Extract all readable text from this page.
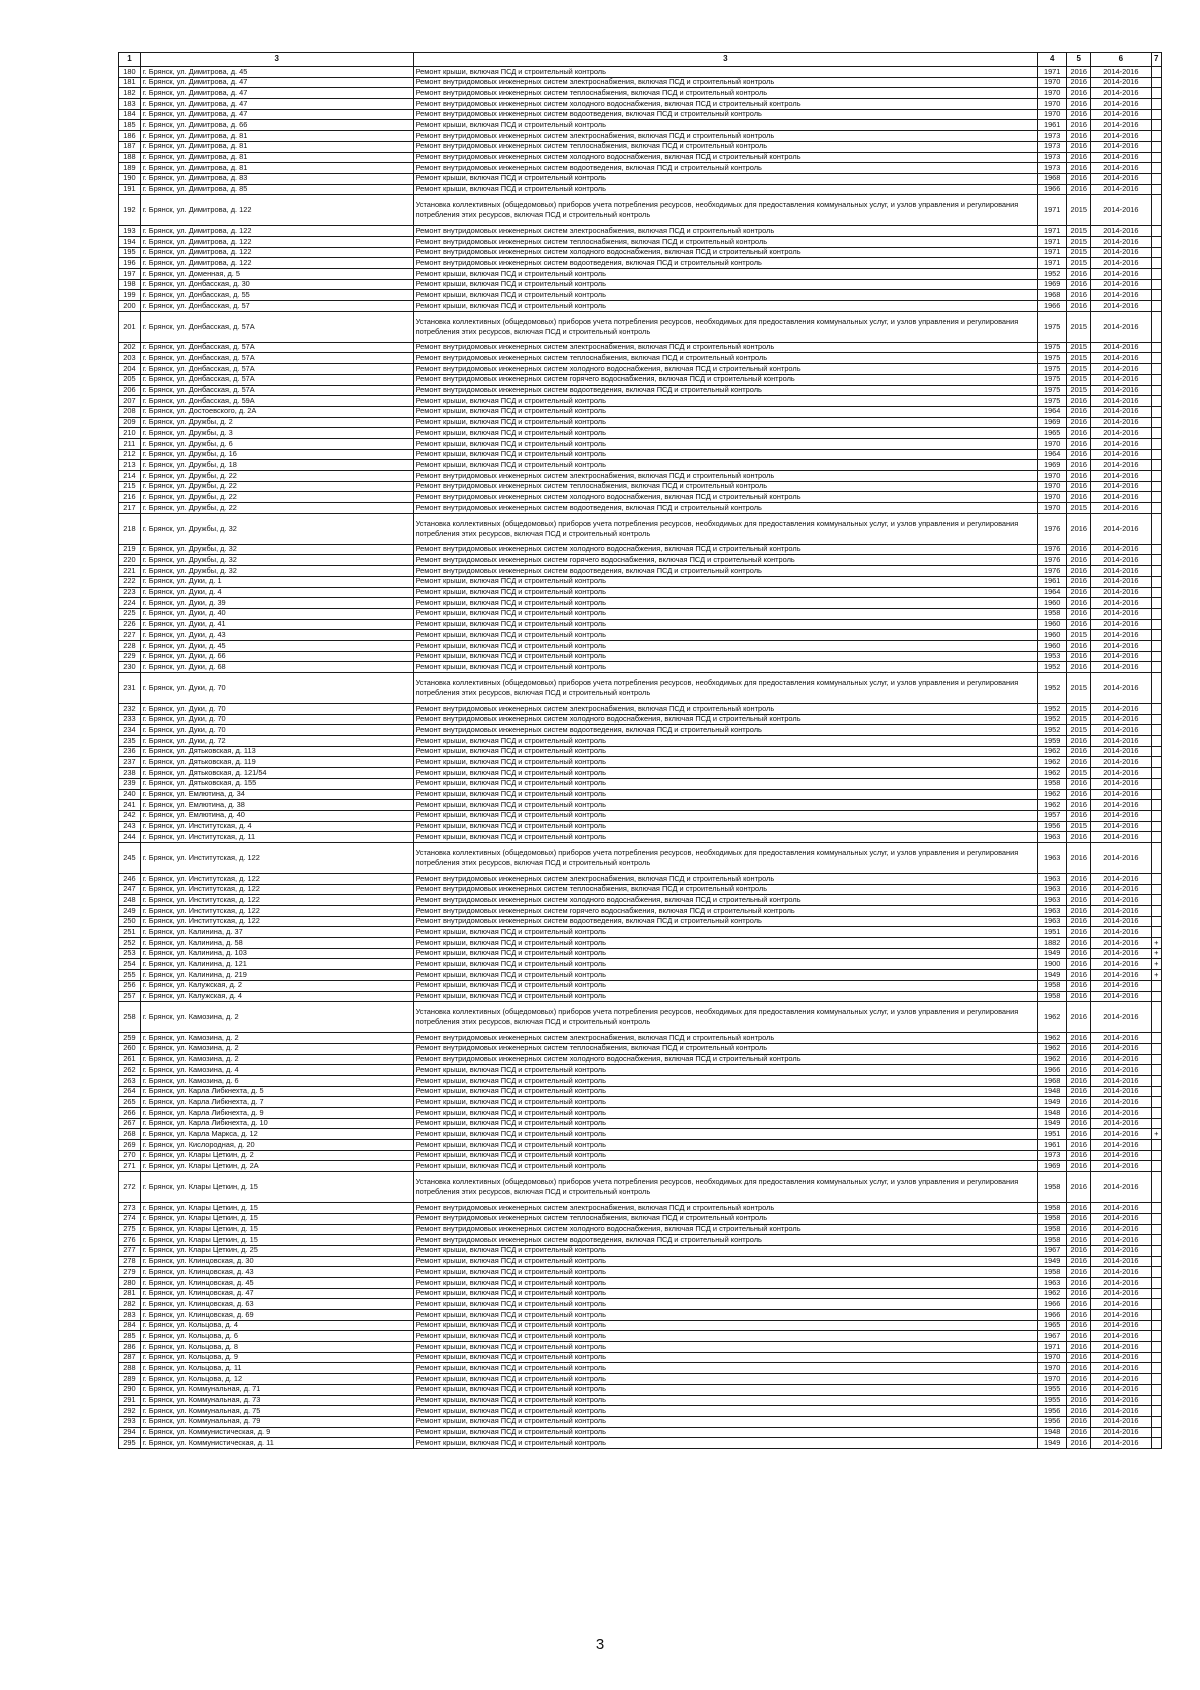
1	3	3	4	5	6	7
180	г. Брянск, ул. Димитрова, д. 45	Ремонт крыши, включая ПСД и строительный контроль	1971	2016	2014-2016	
181	г. Брянск, ул. Димитрова, д. 47	Ремонт внутридомовых инженерных систем электроснабжения, включая ПСД и строительный контроль	1970	2016	2014-2016	
182	г. Брянск, ул. Димитрова, д. 47	Ремонт внутридомовых инженерных систем теплоснабжения, включая ПСД и строительный контроль	1970	2016	2014-2016	
183	г. Брянск, ул. Димитрова, д. 47	Ремонт внутридомовых инженерных систем холодного водоснабжения, включая ПСД и строительный контроль	1970	2016	2014-2016	
184	г. Брянск, ул. Димитрова, д. 47	Ремонт внутридомовых инженерных систем водоотведения, включая ПСД и строительный контроль	1970	2016	2014-2016	
185	г. Брянск, ул. Димитрова, д. 66	Ремонт крыши, включая ПСД и строительный контроль	1961	2016	2014-2016	
186	г. Брянск, ул. Димитрова, д. 81	Ремонт внутридомовых инженерных систем электроснабжения, включая ПСД и строительный контроль	1973	2016	2014-2016	
187	г. Брянск, ул. Димитрова, д. 81	Ремонт внутридомовых инженерных систем теплоснабжения, включая ПСД и строительный контроль	1973	2016	2014-2016	
188	г. Брянск, ул. Димитрова, д. 81	Ремонт внутридомовых инженерных систем холодного водоснабжения, включая ПСД и строительный контроль	1973	2016	2014-2016	
189	г. Брянск, ул. Димитрова, д. 81	Ремонт внутридомовых инженерных систем водоотведения, включая ПСД и строительный контроль	1973	2016	2014-2016	
190	г. Брянск, ул. Димитрова, д. 83	Ремонт крыши, включая ПСД и строительный контроль	1968	2016	2014-2016	
191	г. Брянск, ул. Димитрова, д. 85	Ремонт крыши, включая ПСД и строительный контроль	1966	2016	2014-2016	
192	г. Брянск, ул. Димитрова, д. 122	Установка коллективных (общедомовых) приборов учета потребления ресурсов, необходимых для предоставления коммунальных услуг, и узлов управления и регулирования потребления этих ресурсов, включая ПСД и строительный контроль	1971	2015	2014-2016	
193	г. Брянск, ул. Димитрова, д. 122	Ремонт внутридомовых инженерных систем электроснабжения, включая ПСД и строительный контроль	1971	2015	2014-2016	
194	г. Брянск, ул. Димитрова, д. 122	Ремонт внутридомовых инженерных систем теплоснабжения, включая ПСД и строительный контроль	1971	2015	2014-2016	
195	г. Брянск, ул. Димитрова, д. 122	Ремонт внутридомовых инженерных систем холодного водоснабжения, включая ПСД и строительный контроль	1971	2015	2014-2016	
196	г. Брянск, ул. Димитрова, д. 122	Ремонт внутридомовых инженерных систем водоотведения, включая ПСД и строительный контроль	1971	2015	2014-2016	
197	г. Брянск, ул. Доменная, д. 5	Ремонт крыши, включая ПСД и строительный контроль	1952	2016	2014-2016	
198	г. Брянск, ул. Донбасская, д. 30	Ремонт крыши, включая ПСД и строительный контроль	1969	2016	2014-2016	
199	г. Брянск, ул. Донбасская, д. 55	Ремонт крыши, включая ПСД и строительный контроль	1968	2016	2014-2016	
200	г. Брянск, ул. Донбасская, д. 57	Ремонт крыши, включая ПСД и строительный контроль	1966	2016	2014-2016	
201	г. Брянск, ул. Донбасская, д. 57А	Установка коллективных (общедомовых) приборов учета потребления ресурсов, необходимых для предоставления коммунальных услуг, и узлов управления и регулирования потребления этих ресурсов, включая ПСД и строительный контроль	1975	2015	2014-2016	
202	г. Брянск, ул. Донбасская, д. 57А	Ремонт внутридомовых инженерных систем электроснабжения, включая ПСД и строительный контроль	1975	2015	2014-2016	
203	г. Брянск, ул. Донбасская, д. 57А	Ремонт внутридомовых инженерных систем теплоснабжения, включая ПСД и строительный контроль	1975	2015	2014-2016	
204	г. Брянск, ул. Донбасская, д. 57А	Ремонт внутридомовых инженерных систем холодного водоснабжения, включая ПСД и строительный контроль	1975	2015	2014-2016	
205	г. Брянск, ул. Донбасская, д. 57А	Ремонт внутридомовых инженерных систем горячего водоснабжения, включая ПСД и строительный контроль	1975	2015	2014-2016	
206	г. Брянск, ул. Донбасская, д. 57А	Ремонт внутридомовых инженерных систем водоотведения, включая ПСД и строительный контроль	1975	2015	2014-2016	
207	г. Брянск, ул. Донбасская, д. 59А	Ремонт крыши, включая ПСД и строительный контроль	1975	2016	2014-2016	
208	г. Брянск, ул. Достоевского, д. 2А	Ремонт крыши, включая ПСД и строительный контроль	1964	2016	2014-2016	
209	г. Брянск, ул. Дружбы, д. 2	Ремонт крыши, включая ПСД и строительный контроль	1969	2016	2014-2016	
210	г. Брянск, ул. Дружбы, д. 3	Ремонт крыши, включая ПСД и строительный контроль	1965	2016	2014-2016	
211	г. Брянск, ул. Дружбы, д. 6	Ремонт крыши, включая ПСД и строительный контроль	1970	2016	2014-2016	
212	г. Брянск, ул. Дружбы, д. 16	Ремонт крыши, включая ПСД и строительный контроль	1964	2016	2014-2016	
213	г. Брянск, ул. Дружбы, д. 18	Ремонт крыши, включая ПСД и строительный контроль	1969	2016	2014-2016	
214	г. Брянск, ул. Дружбы, д. 22	Ремонт внутридомовых инженерных систем электроснабжения, включая ПСД и строительный контроль	1970	2016	2014-2016	
215	г. Брянск, ул. Дружбы, д. 22	Ремонт внутридомовых инженерных систем теплоснабжения, включая ПСД и строительный контроль	1970	2016	2014-2016	
216	г. Брянск, ул. Дружбы, д. 22	Ремонт внутридомовых инженерных систем холодного водоснабжения, включая ПСД и строительный контроль	1970	2016	2014-2016	
217	г. Брянск, ул. Дружбы, д. 22	Ремонт внутридомовых инженерных систем водоотведения, включая ПСД и строительный контроль	1970	2015	2014-2016	
218	г. Брянск, ул. Дружбы, д. 32	Установка коллективных (общедомовых) приборов учета потребления ресурсов, необходимых для предоставления коммунальных услуг, и узлов управления и регулирования потребления этих ресурсов, включая ПСД и строительный контроль	1976	2016	2014-2016	
219	г. Брянск, ул. Дружбы, д. 32	Ремонт внутридомовых инженерных систем холодного водоснабжения, включая ПСД и строительный контроль	1976	2016	2014-2016	
220	г. Брянск, ул. Дружбы, д. 32	Ремонт внутридомовых инженерных систем горячего водоснабжения, включая ПСД и строительный контроль	1976	2016	2014-2016	
221	г. Брянск, ул. Дружбы, д. 32	Ремонт внутридомовых инженерных систем водоотведения, включая ПСД и строительный контроль	1976	2016	2014-2016	
222	г. Брянск, ул. Дуки, д. 1	Ремонт крыши, включая ПСД и строительный контроль	1961	2016	2014-2016	
223	г. Брянск, ул. Дуки, д. 4	Ремонт крыши, включая ПСД и строительный контроль	1964	2016	2014-2016	
224	г. Брянск, ул. Дуки, д. 39	Ремонт крыши, включая ПСД и строительный контроль	1960	2016	2014-2016	
225	г. Брянск, ул. Дуки, д. 40	Ремонт крыши, включая ПСД и строительный контроль	1958	2016	2014-2016	
226	г. Брянск, ул. Дуки, д. 41	Ремонт крыши, включая ПСД и строительный контроль	1960	2016	2014-2016	
227	г. Брянск, ул. Дуки, д. 43	Ремонт крыши, включая ПСД и строительный контроль	1960	2015	2014-2016	
228	г. Брянск, ул. Дуки, д. 45	Ремонт крыши, включая ПСД и строительный контроль	1960	2016	2014-2016	
229	г. Брянск, ул. Дуки, д. 66	Ремонт крыши, включая ПСД и строительный контроль	1953	2016	2014-2016	
230	г. Брянск, ул. Дуки, д. 68	Ремонт крыши, включая ПСД и строительный контроль	1952	2016	2014-2016	
231	г. Брянск, ул. Дуки, д. 70	Установка коллективных (общедомовых) приборов учета потребления ресурсов, необходимых для предоставления коммунальных услуг, и узлов управления и регулирования потребления этих ресурсов, включая ПСД и строительный контроль	1952	2015	2014-2016	
232	г. Брянск, ул. Дуки, д. 70	Ремонт внутридомовых инженерных систем электроснабжения, включая ПСД и строительный контроль	1952	2015	2014-2016	
233	г. Брянск, ул. Дуки, д. 70	Ремонт внутридомовых инженерных систем холодного водоснабжения, включая ПСД и строительный контроль	1952	2015	2014-2016	
234	г. Брянск, ул. Дуки, д. 70	Ремонт внутридомовых инженерных систем водоотведения, включая ПСД и строительный контроль	1952	2015	2014-2016	
235	г. Брянск, ул. Дуки, д. 72	Ремонт крыши, включая ПСД и строительный контроль	1959	2016	2014-2016	
236	г. Брянск, ул. Дятьковская, д. 113	Ремонт крыши, включая ПСД и строительный контроль	1962	2016	2014-2016	
237	г. Брянск, ул. Дятьковская, д. 119	Ремонт крыши, включая ПСД и строительный контроль	1962	2016	2014-2016	
238	г. Брянск, ул. Дятьковская, д. 121/54	Ремонт крыши, включая ПСД и строительный контроль	1962	2015	2014-2016	
239	г. Брянск, ул. Дятьковская, д. 155	Ремонт крыши, включая ПСД и строительный контроль	1958	2016	2014-2016	
240	г. Брянск, ул. Емлютина, д. 34	Ремонт крыши, включая ПСД и строительный контроль	1962	2016	2014-2016	
241	г. Брянск, ул. Емлютина, д. 38	Ремонт крыши, включая ПСД и строительный контроль	1962	2016	2014-2016	
242	г. Брянск, ул. Емлютина, д. 40	Ремонт крыши, включая ПСД и строительный контроль	1957	2016	2014-2016	
243	г. Брянск, ул. Институтская, д. 4	Ремонт крыши, включая ПСД и строительный контроль	1956	2015	2014-2016	
244	г. Брянск, ул. Институтская, д. 11	Ремонт крыши, включая ПСД и строительный контроль	1963	2016	2014-2016	
245	г. Брянск, ул. Институтская, д. 122	Установка коллективных (общедомовых) приборов учета потребления ресурсов, необходимых для предоставления коммунальных услуг, и узлов управления и регулирования потребления этих ресурсов, включая ПСД и строительный контроль	1963	2016	2014-2016	
246	г. Брянск, ул. Институтская, д. 122	Ремонт внутридомовых инженерных систем электроснабжения, включая ПСД и строительный контроль	1963	2016	2014-2016	
247	г. Брянск, ул. Институтская, д. 122	Ремонт внутридомовых инженерных систем теплоснабжения, включая ПСД и строительный контроль	1963	2016	2014-2016	
248	г. Брянск, ул. Институтская, д. 122	Ремонт внутридомовых инженерных систем холодного водоснабжения, включая ПСД и строительный контроль	1963	2016	2014-2016	
249	г. Брянск, ул. Институтская, д. 122	Ремонт внутридомовых инженерных систем горячего водоснабжения, включая ПСД и строительный контроль	1963	2016	2014-2016	
250	г. Брянск, ул. Институтская, д. 122	Ремонт внутридомовых инженерных систем водоотведения, включая ПСД и строительный контроль	1963	2016	2014-2016	
251	г. Брянск, ул. Калинина, д. 37	Ремонт крыши, включая ПСД и строительный контроль	1951	2016	2014-2016	
252	г. Брянск, ул. Калинина, д. 58	Ремонт крыши, включая ПСД и строительный контроль	1882	2016	2014-2016	+
253	г. Брянск, ул. Калинина, д. 103	Ремонт крыши, включая ПСД и строительный контроль	1949	2016	2014-2016	+
254	г. Брянск, ул. Калинина, д. 121	Ремонт крыши, включая ПСД и строительный контроль	1900	2016	2014-2016	+
255	г. Брянск, ул. Калинина, д. 219	Ремонт крыши, включая ПСД и строительный контроль	1949	2016	2014-2016	+
256	г. Брянск, ул. Калужская, д. 2	Ремонт крыши, включая ПСД и строительный контроль	1958	2016	2014-2016	
257	г. Брянск, ул. Калужская, д. 4	Ремонт крыши, включая ПСД и строительный контроль	1958	2016	2014-2016	
258	г. Брянск, ул. Камозина, д. 2	Установка коллективных (общедомовых) приборов учета потребления ресурсов, необходимых для предоставления коммунальных услуг, и узлов управления и регулирования потребления этих ресурсов, включая ПСД и строительный контроль	1962	2016	2014-2016	
259	г. Брянск, ул. Камозина, д. 2	Ремонт внутридомовых инженерных систем электроснабжения, включая ПСД и строительный контроль	1962	2016	2014-2016	
260	г. Брянск, ул. Камозина, д. 2	Ремонт внутридомовых инженерных систем теплоснабжения, включая ПСД и строительный контроль	1962	2016	2014-2016	
261	г. Брянск, ул. Камозина, д. 2	Ремонт внутридомовых инженерных систем холодного водоснабжения, включая ПСД и строительный контроль	1962	2016	2014-2016	
262	г. Брянск, ул. Камозина, д. 4	Ремонт крыши, включая ПСД и строительный контроль	1966	2016	2014-2016	
263	г. Брянск, ул. Камозина, д. 6	Ремонт крыши, включая ПСД и строительный контроль	1968	2016	2014-2016	
264	г. Брянск, ул. Карла Либкнехта, д. 5	Ремонт крыши, включая ПСД и строительный контроль	1948	2016	2014-2016	
265	г. Брянск, ул. Карла Либкнехта, д. 7	Ремонт крыши, включая ПСД и строительный контроль	1949	2016	2014-2016	
266	г. Брянск, ул. Карла Либкнехта, д. 9	Ремонт крыши, включая ПСД и строительный контроль	1948	2016	2014-2016	
267	г. Брянск, ул. Карла Либкнехта, д. 10	Ремонт крыши, включая ПСД и строительный контроль	1949	2016	2014-2016	
268	г. Брянск, ул. Карла Маркса, д. 12	Ремонт крыши, включая ПСД и строительный контроль	1951	2016	2014-2016	+
269	г. Брянск, ул. Кислородная, д. 20	Ремонт крыши, включая ПСД и строительный контроль	1961	2016	2014-2016	
270	г. Брянск, ул. Клары Цеткин, д. 2	Ремонт крыши, включая ПСД и строительный контроль	1973	2016	2014-2016	
271	г. Брянск, ул. Клары Цеткин, д. 2А	Ремонт крыши, включая ПСД и строительный контроль	1969	2016	2014-2016	
272	г. Брянск, ул. Клары Цеткин, д. 15	Установка коллективных (общедомовых) приборов учета потребления ресурсов, необходимых для предоставления коммунальных услуг, и узлов управления и регулирования потребления этих ресурсов, включая ПСД и строительный контроль	1958	2016	2014-2016	
273	г. Брянск, ул. Клары Цеткин, д. 15	Ремонт внутридомовых инженерных систем электроснабжения, включая ПСД и строительный контроль	1958	2016	2014-2016	
274	г. Брянск, ул. Клары Цеткин, д. 15	Ремонт внутридомовых инженерных систем теплоснабжения, включая ПСД и строительный контроль	1958	2016	2014-2016	
275	г. Брянск, ул. Клары Цеткин, д. 15	Ремонт внутридомовых инженерных систем холодного водоснабжения, включая ПСД и строительный контроль	1958	2016	2014-2016	
276	г. Брянск, ул. Клары Цеткин, д. 15	Ремонт внутридомовых инженерных систем водоотведения, включая ПСД и строительный контроль	1958	2016	2014-2016	
277	г. Брянск, ул. Клары Цеткин, д. 25	Ремонт крыши, включая ПСД и строительный контроль	1967	2016	2014-2016	
278	г. Брянск, ул. Клинцовская, д. 30	Ремонт крыши, включая ПСД и строительный контроль	1949	2016	2014-2016	
279	г. Брянск, ул. Клинцовская, д. 43	Ремонт крыши, включая ПСД и строительный контроль	1958	2016	2014-2016	
280	г. Брянск, ул. Клинцовская, д. 45	Ремонт крыши, включая ПСД и строительный контроль	1963	2016	2014-2016	
281	г. Брянск, ул. Клинцовская, д. 47	Ремонт крыши, включая ПСД и строительный контроль	1962	2016	2014-2016	
282	г. Брянск, ул. Клинцовская, д. 63	Ремонт крыши, включая ПСД и строительный контроль	1966	2016	2014-2016	
283	г. Брянск, ул. Клинцовская, д. 69	Ремонт крыши, включая ПСД и строительный контроль	1966	2016	2014-2016	
284	г. Брянск, ул. Кольцова, д. 4	Ремонт крыши, включая ПСД и строительный контроль	1965	2016	2014-2016	
285	г. Брянск, ул. Кольцова, д. 6	Ремонт крыши, включая ПСД и строительный контроль	1967	2016	2014-2016	
286	г. Брянск, ул. Кольцова, д. 8	Ремонт крыши, включая ПСД и строительный контроль	1971	2016	2014-2016	
287	г. Брянск, ул. Кольцова, д. 9	Ремонт крыши, включая ПСД и строительный контроль	1970	2016	2014-2016	
288	г. Брянск, ул. Кольцова, д. 11	Ремонт крыши, включая ПСД и строительный контроль	1970	2016	2014-2016	
289	г. Брянск, ул. Кольцова, д. 12	Ремонт крыши, включая ПСД и строительный контроль	1970	2016	2014-2016	
290	г. Брянск, ул. Коммунальная, д. 71	Ремонт крыши, включая ПСД и строительный контроль	1955	2016	2014-2016	
291	г. Брянск, ул. Коммунальная, д. 73	Ремонт крыши, включая ПСД и строительный контроль	1955	2016	2014-2016	
292	г. Брянск, ул. Коммунальная, д. 75	Ремонт крыши, включая ПСД и строительный контроль	1956	2016	2014-2016	
293	г. Брянск, ул. Коммунальная, д. 79	Ремонт крыши, включая ПСД и строительный контроль	1956	2016	2014-2016	
294	г. Брянск, ул. Коммунистическая, д. 9	Ремонт крыши, включая ПСД и строительный контроль	1948	2016	2014-2016	
295	г. Брянск, ул. Коммунистическая, д. 11	Ремонт крыши, включая ПСД и строительный контроль	1949	2016	2014-2016	
3
